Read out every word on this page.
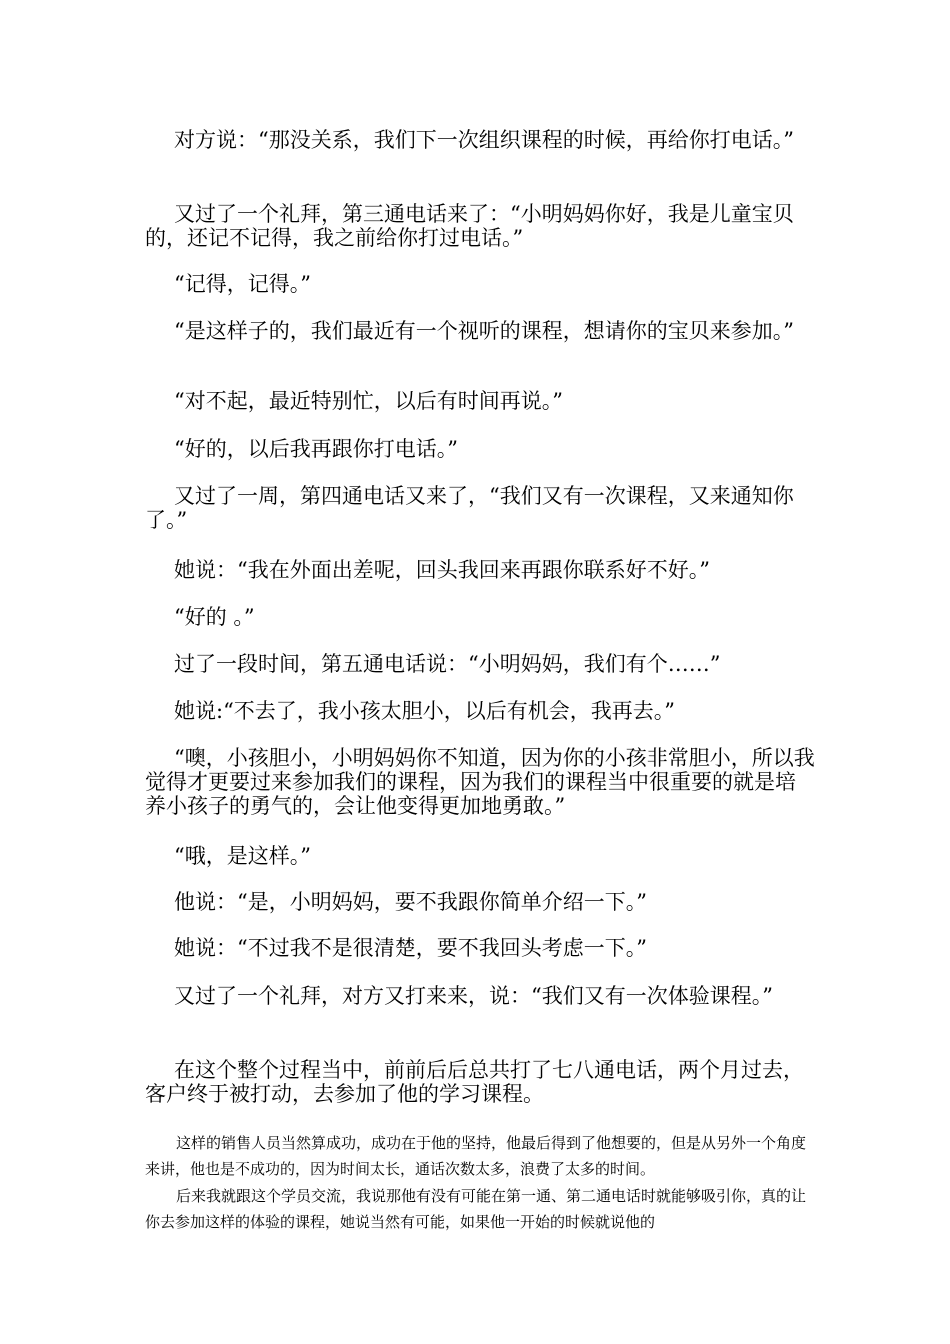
对方说：“那没关系，我们下一次组织课程的时候，再给你打电话。”

又过了一个礼拜，第三通电话来了：“小明妈妈你好，我是儿童宝贝的，还记不记得，我之前给你打过电话。”

“记得，记得。”

“是这样子的，我们最近有一个视听的课程，想请你的宝贝来参加。”

“对不起，最近特别忙，以后有时间再说。”

“好的，以后我再跟你打电话。”

又过了一周，第四通电话又来了，“我们又有一次课程，又来通知你了。”

她说：“我在外面出差呢，回头我回来再跟你联系好不好。”

“好的 。”

过了一段时间，第五通电话说：“小明妈妈，我们有个……”

她说:“不去了，我小孩太胆小，以后有机会，我再去。”

“噢，小孩胆小，小明妈妈你不知道，因为你的小孩非常胆小，所以我觉得才更要过来参加我们的课程，因为我们的课程当中很重要的就是培养小孩子的勇气的，会让他变得更加地勇敢。”

“哦，是这样。”

他说：“是，小明妈妈，要不我跟你简单介绍一下。”

她说：“不过我不是很清楚，要不我回头考虑一下。”

又过了一个礼拜，对方又打来来，说：“我们又有一次体验课程。”

在这个整个过程当中，前前后后总共打了七八通电话，两个月过去，客户终于被打动，去参加了他的学习课程。

这样的销售人员当然算成功，成功在于他的坚持，他最后得到了他想要的，但是从另外一个角度来讲，他也是不成功的，因为时间太长，通话次数太多，浪费了太多的时间。

后来我就跟这个学员交流，我说那他有没有可能在第一通、第二通电话时就能够吸引你，真的让你去参加这样的体验的课程，她说当然有可能，如果他一开始的时候就说他的
